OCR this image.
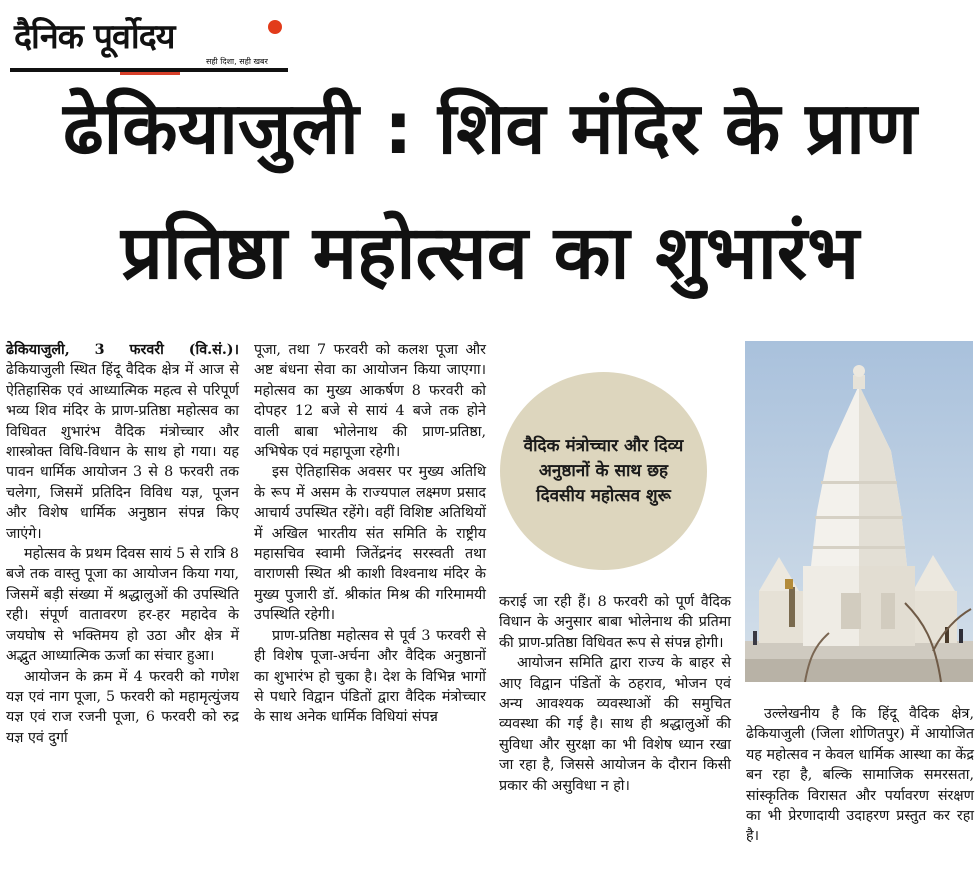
दैनिक पूर्वोदय
सही दिशा, सही खबर
ढेकियाजुली : शिव मंदिर के प्राण
प्रतिष्ठा महोत्सव का शुभारंभ

ढेकियाजुली, 3 फरवरी (वि.सं.)। ढेकियाजुली स्थित हिंदू वैदिक क्षेत्र में आज से ऐतिहासिक एवं आध्यात्मिक महत्व से परिपूर्ण भव्य शिव मंदिर के प्राण-प्रतिष्ठा महोत्सव का विधिवत शुभारंभ वैदिक मंत्रोच्चार और शास्त्रोक्त विधि-विधान के साथ हो गया। यह पावन धार्मिक आयोजन 3 से 8 फरवरी तक चलेगा, जिसमें प्रतिदिन विविध यज्ञ, पूजन और विशेष धार्मिक अनुष्ठान संपन्न किए जाएंगे।

महोत्सव के प्रथम दिवस सायं 5 से रात्रि 8 बजे तक वास्तु पूजा का आयोजन किया गया, जिसमें बड़ी संख्या में श्रद्धालुओं की उपस्थिति रही। संपूर्ण वातावरण हर-हर महादेव के जयघोष से भक्तिमय हो उठा और क्षेत्र में अद्भुत आध्यात्मिक ऊर्जा का संचार हुआ।

आयोजन के क्रम में 4 फरवरी को गणेश यज्ञ एवं नाग पूजा, 5 फरवरी को महामृत्युंजय यज्ञ एवं राज रजनी पूजा, 6 फरवरी को रुद्र यज्ञ एवं दुर्गा

पूजा, तथा 7 फरवरी को कलश पूजा और अष्ट बंधना सेवा का आयोजन किया जाएगा। महोत्सव का मुख्य आकर्षण 8 फरवरी को दोपहर 12 बजे से सायं 4 बजे तक होने वाली बाबा भोलेनाथ की प्राण-प्रतिष्ठा, अभिषेक एवं महापूजा रहेगी।

इस ऐतिहासिक अवसर पर मुख्य अतिथि के रूप में असम के राज्यपाल लक्ष्मण प्रसाद आचार्य उपस्थित रहेंगे। वहीं विशिष्ट अतिथियों में अखिल भारतीय संत समिति के राष्ट्रीय महासचिव स्वामी जितेंद्रनंद सरस्वती तथा वाराणसी स्थित श्री काशी विश्वनाथ मंदिर के मुख्य पुजारी डॉ. श्रीकांत मिश्र की गरिमामयी उपस्थिति रहेगी।

प्राण-प्रतिष्ठा महोत्सव से पूर्व 3 फरवरी से ही विशेष पूजा-अर्चना और वैदिक अनुष्ठानों का शुभारंभ हो चुका है। देश के विभिन्न भागों से पधारे विद्वान पंडितों द्वारा वैदिक मंत्रोच्चार के साथ अनेक धार्मिक विधियां संपन्न

वैदिक मंत्रोच्चार और दिव्य अनुष्ठानों के साथ छह दिवसीय महोत्सव शुरू

कराई जा रही हैं। 8 फरवरी को पूर्ण वैदिक विधान के अनुसार बाबा भोलेनाथ की प्रतिमा की प्राण-प्रतिष्ठा विधिवत रूप से संपन्न होगी।

आयोजन समिति द्वारा राज्य के बाहर से आए विद्वान पंडितों के ठहराव, भोजन एवं अन्य आवश्यक व्यवस्थाओं की समुचित व्यवस्था की गई है। साथ ही श्रद्धालुओं की सुविधा और सुरक्षा का भी विशेष ध्यान रखा जा रहा है, जिससे आयोजन के दौरान किसी प्रकार की असुविधा न हो।

उल्लेखनीय है कि हिंदू वैदिक क्षेत्र, ढेकियाजुली (जिला शोणितपुर) में आयोजित यह महोत्सव न केवल धार्मिक आस्था का केंद्र बन रहा है, बल्कि सामाजिक समरसता, सांस्कृतिक विरासत और पर्यावरण संरक्षण का भी प्रेरणादायी उदाहरण प्रस्तुत कर रहा है।
